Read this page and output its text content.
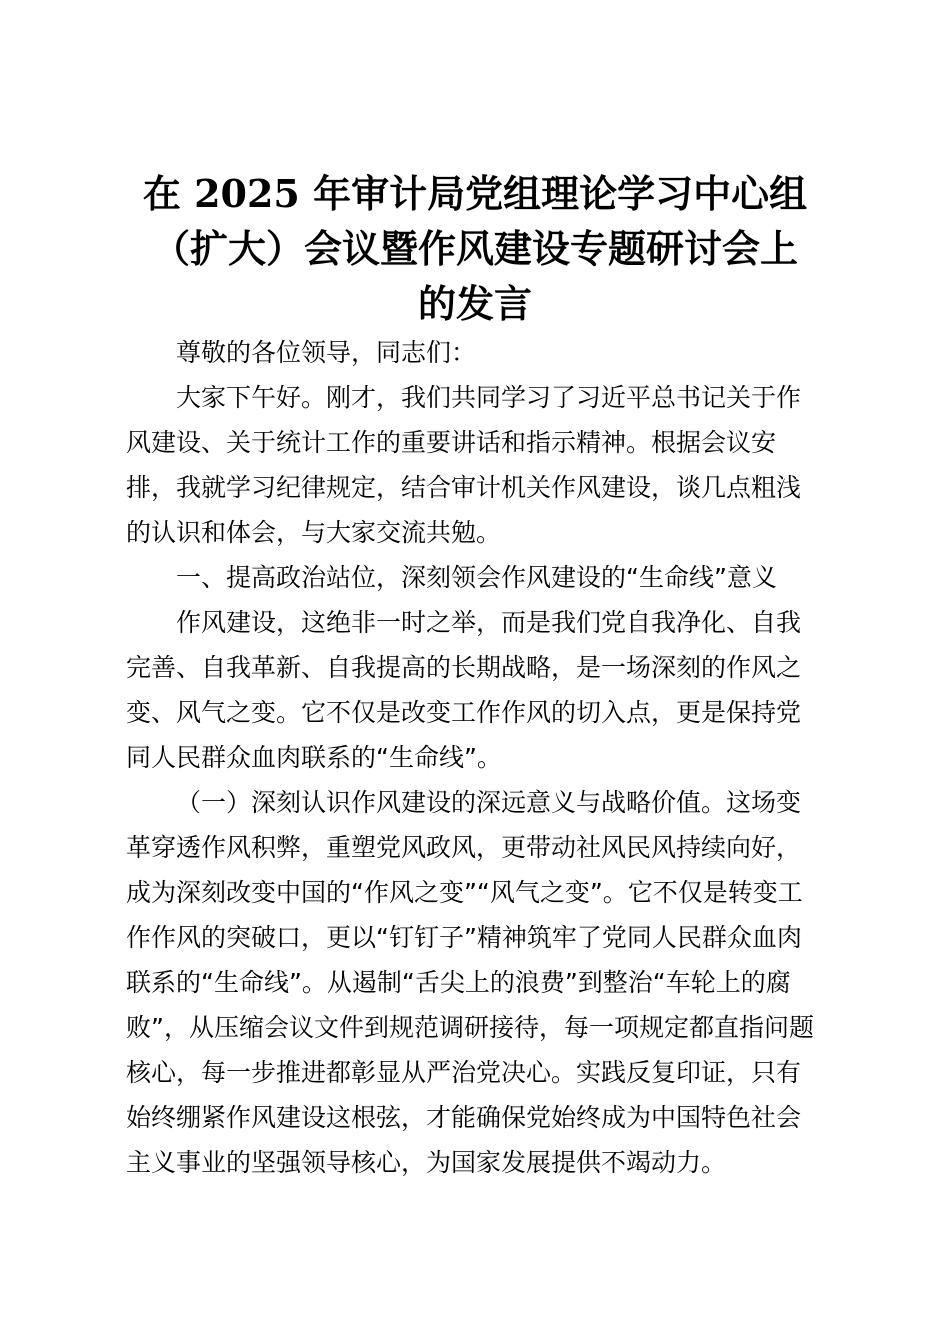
在 2025 年审计局党组理论学习中心组
（扩大）会议暨作风建设专题研讨会上
的发言

尊敬的各位领导，同志们：

大家下午好。刚才，我们共同学习了习近平总书记关于作
风建设、关于统计工作的重要讲话和指示精神。根据会议安
排，我就学习纪律规定，结合审计机关作风建设，谈几点粗浅
的认识和体会，与大家交流共勉。

一、提高政治站位，深刻领会作风建设的“生命线”意义

作风建设，这绝非一时之举，而是我们党自我净化、自我
完善、自我革新、自我提高的长期战略，是一场深刻的作风之
变、风气之变。它不仅是改变工作作风的切入点，更是保持党
同人民群众血肉联系的“生命线”。

（一）深刻认识作风建设的深远意义与战略价值。这场变
革穿透作风积弊，重塑党风政风，更带动社风民风持续向好，
成为深刻改变中国的“作风之变”“风气之变”。它不仅是转变工
作作风的突破口，更以“钉钉子”精神筑牢了党同人民群众血肉
联系的“生命线”。从遏制“舌尖上的浪费”到整治“车轮上的腐
败”，从压缩会议文件到规范调研接待，每一项规定都直指问题
核心，每一步推进都彰显从严治党决心。实践反复印证，只有
始终绷紧作风建设这根弦，才能确保党始终成为中国特色社会
主义事业的坚强领导核心，为国家发展提供不竭动力。
